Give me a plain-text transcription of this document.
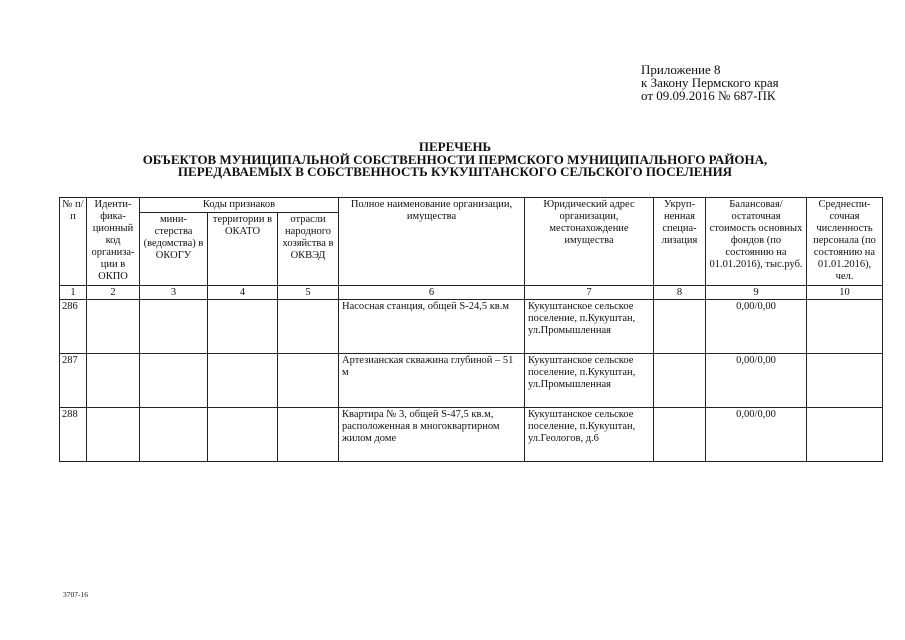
Приложение 8
к Закону Пермского края
от 09.09.2016 № 687-ПК
ПЕРЕЧЕНЬ
ОБЪЕКТОВ МУНИЦИПАЛЬНОЙ СОБСТВЕННОСТИ ПЕРМСКОГО МУНИЦИПАЛЬНОГО РАЙОНА,
ПЕРЕДАВАЕМЫХ В СОБСТВЕННОСТЬ КУКУШТАНСКОГО СЕЛЬСКОГО ПОСЕЛЕНИЯ
№ п/п	Иденти-фика-ционный код организа-ции в ОКПО	Коды признаков			Полное наименование организации, имущества	Юридический адрес организации, местонахождение имущества	Укруп-ненная специа-лизация	Балансовая/ остаточная стоимость основных фондов (по состоянию на 01.01.2016), тыс.руб.	Среднеспи-сочная численность персонала (по состоянию на 01.01.2016), чел.
		мини-стерства (ведомства) в ОКОГУ	территории в ОКАТО	отрасли народного хозяйства в ОКВЭД					
1	2	3	4	5	6	7	8	9	10
286					Насосная станция, общей S-24,5 кв.м	Кукуштанское сельское поселение, п.Кукуштан, ул.Промышленная		0,00/0,00	
287					Артезианская скважина глубиной – 51 м	Кукуштанское сельское поселение, п.Кукуштан, ул.Промышленная		0,00/0,00	
288					Квартира № 3, общей S-47,5 кв.м, расположенная в многоквартирном жилом доме	Кукуштанское сельское поселение, п.Кукуштан, ул.Геологов, д.6		0,00/0,00	
3707-16
